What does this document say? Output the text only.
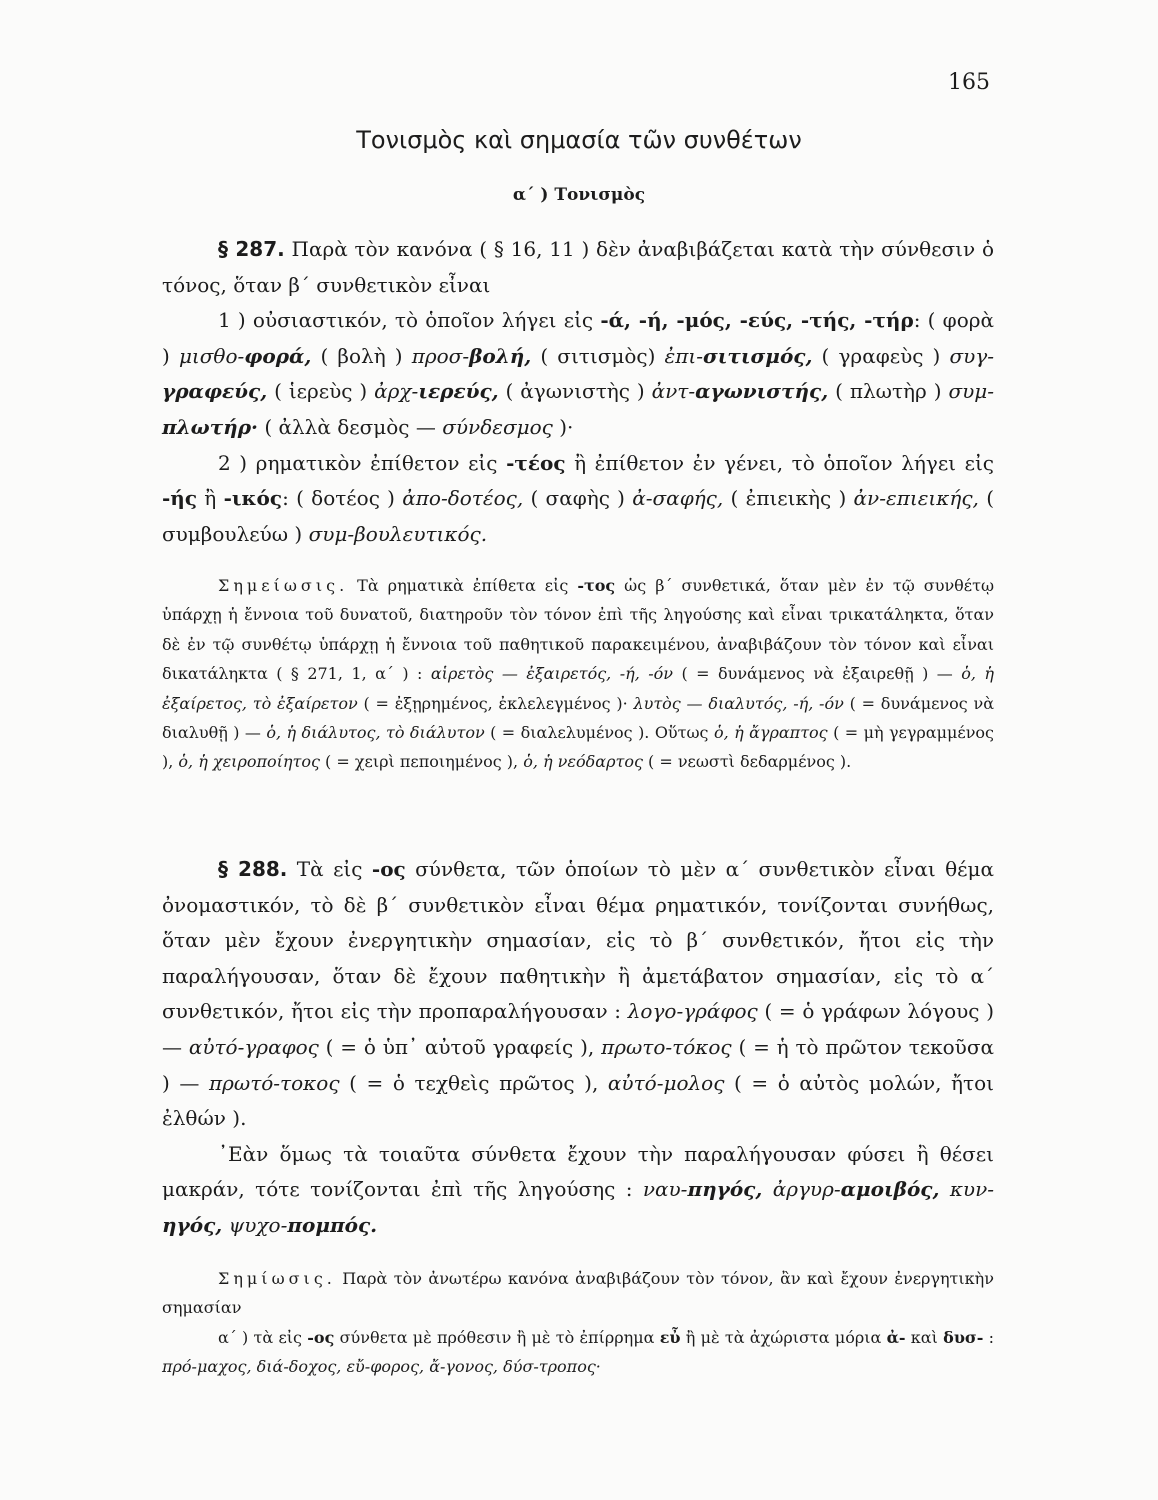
165
Τονισμὸς καὶ σημασία τῶν συνθέτων
α΄ ) Τονισμὸς

§ 287. Παρὰ τὸν κανόνα ( § 16, 11 ) δὲν ἀναβιβάζεται κατὰ τὴν σύνθεσιν ὁ τόνος, ὅταν β΄ συνθετικὸν εἶναι

1 ) οὐσιαστικόν, τὸ ὁποῖον λήγει εἰς -ά, -ή, -μός, -εύς, -τής, -τήρ: ( φορὰ ) μισθο-φορά, ( βολὴ ) προσ-βολή, ( σιτισμὸς) ἐπι-σιτισμός, ( γραφεὺς ) συγ-γραφεύς, ( ἱερεὺς ) ἀρχ-ιερεύς, ( ἀγωνιστὴς ) ἀντ-αγωνιστής, ( πλωτὴρ ) συμ-πλωτήρ· ( ἀλλὰ δεσμὸς — σύνδεσμος )·

2 ) ρηματικὸν ἐπίθετον εἰς -τέος ἢ ἐπίθετον ἐν γένει, τὸ ὁποῖον λήγει εἰς -ής ἢ -ικός: ( δοτέος ) ἀπο-δοτέος, ( σαφὴς ) ἀ-σαφής, ( ἐπιεικὴς ) ἀν-επιεικής, ( συμβουλεύω ) συμ-βουλευτικός.

Σημείωσις. Τὰ ρηματικὰ ἐπίθετα εἰς -τος ὡς β΄ συνθετικά, ὅταν μὲν ἐν τῷ συνθέτῳ ὑπάρχῃ ἡ ἔννοια τοῦ δυνατοῦ, διατηροῦν τὸν τόνον ἐπὶ τῆς ληγούσης καὶ εἶναι τρικατάληκτα, ὅταν δὲ ἐν τῷ συνθέτῳ ὑπάρχῃ ἡ ἔννοια τοῦ παθητικοῦ παρακειμένου, ἀναβιβάζουν τὸν τόνον καὶ εἶναι δικατάληκτα ( § 271, 1, α΄ ) : αἱρετὸς — ἐξαιρετός, -ή, -όν ( = δυνάμενος νὰ ἐξαιρεθῇ ) — ὁ, ἡ ἐξαίρετος, τὸ ἐξαίρετον ( = ἐξῃρημένος, ἐκλελεγμένος )· λυτὸς — διαλυτός, -ή, -όν ( = δυνάμενος νὰ διαλυθῇ ) — ὁ, ἡ διάλυτος, τὸ διάλυτον ( = διαλελυμένος ). Οὕτως ὁ, ἡ ἄγραπτος ( = μὴ γεγραμμένος ), ὁ, ἡ χειροποίητος ( = χειρὶ πεποιημένος ), ὁ, ἡ νεόδαρτος ( = νεωστὶ δεδαρμένος ).

§ 288. Τὰ εἰς -ος σύνθετα, τῶν ὁποίων τὸ μὲν α΄ συνθετικὸν εἶναι θέμα ὀνομαστικόν, τὸ δὲ β΄ συνθετικὸν εἶναι θέμα ρηματικόν, τονίζονται συνήθως, ὅταν μὲν ἔχουν ἐνεργητικὴν σημασίαν, εἰς τὸ β΄ συνθετικόν, ἤτοι εἰς τὴν παραλήγουσαν, ὅταν δὲ ἔχουν παθητικὴν ἢ ἀμετάβατον σημασίαν, εἰς τὸ α΄ συνθετικόν, ἤτοι εἰς τὴν προπαραλήγουσαν : λογο-γράφος ( = ὁ γράφων λόγους ) — αὐτό-γραφος ( = ὁ ὑπ᾽ αὐτοῦ γραφείς ), πρωτο-τόκος ( = ἡ τὸ πρῶτον τεκοῦσα ) — πρωτό-τοκος ( = ὁ τεχθεὶς πρῶτος ), αὐτό-μολος ( = ὁ αὐτὸς μολών, ἤτοι ἐλθών ).

᾽Εὰν ὅμως τὰ τοιαῦτα σύνθετα ἔχουν τὴν παραλήγουσαν φύσει ἢ θέσει μακράν, τότε τονίζονται ἐπὶ τῆς ληγούσης : ναυ-πηγός, ἀργυρ-αμοιβός, κυν-ηγός, ψυχο-πομπός.

Σημίωσις. Παρὰ τὸν ἀνωτέρω κανόνα ἀναβιβάζουν τὸν τόνον, ἂν καὶ ἔχουν ἐνεργητικὴν σημασίαν

α΄ ) τὰ εἰς -ος σύνθετα μὲ πρόθεσιν ἢ μὲ τὸ ἐπίρρημα εὖ ἢ μὲ τὰ ἀχώριστα μόρια ἀ- καὶ δυσ- : πρό-μαχος, διά-δοχος, εὔ-φορος, ἄ-γονος, δύσ-τροπος·
